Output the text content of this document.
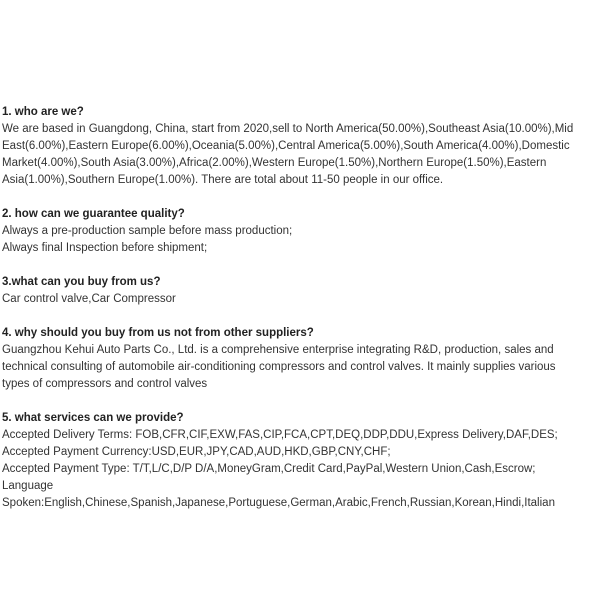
1. who are we?

We are based in Guangdong, China, start from 2020,sell to North America(50.00%),Southeast Asia(10.00%),Mid East(6.00%),Eastern Europe(6.00%),Oceania(5.00%),Central America(5.00%),South America(4.00%),Domestic Market(4.00%),South Asia(3.00%),Africa(2.00%),Western Europe(1.50%),Northern Europe(1.50%),Eastern Asia(1.00%),Southern Europe(1.00%). There are total about 11-50 people in our office.

2. how can we guarantee quality?

Always a pre-production sample before mass production;

Always final Inspection before shipment;

3.what can you buy from us?

Car control valve,Car Compressor

4. why should you buy from us not from other suppliers?

Guangzhou Kehui Auto Parts Co., Ltd. is a comprehensive enterprise integrating R&D, production, sales and technical consulting of automobile air-conditioning compressors and control valves. It mainly supplies various types of compressors and control valves

5. what services can we provide?

Accepted Delivery Terms: FOB,CFR,CIF,EXW,FAS,CIP,FCA,CPT,DEQ,DDP,DDU,Express Delivery,DAF,DES;

Accepted Payment Currency:USD,EUR,JPY,CAD,AUD,HKD,GBP,CNY,CHF;

Accepted Payment Type: T/T,L/C,D/P D/A,MoneyGram,Credit Card,PayPal,Western Union,Cash,Escrow;

Language Spoken:English,Chinese,Spanish,Japanese,Portuguese,German,Arabic,French,Russian,Korean,Hindi,Italian
